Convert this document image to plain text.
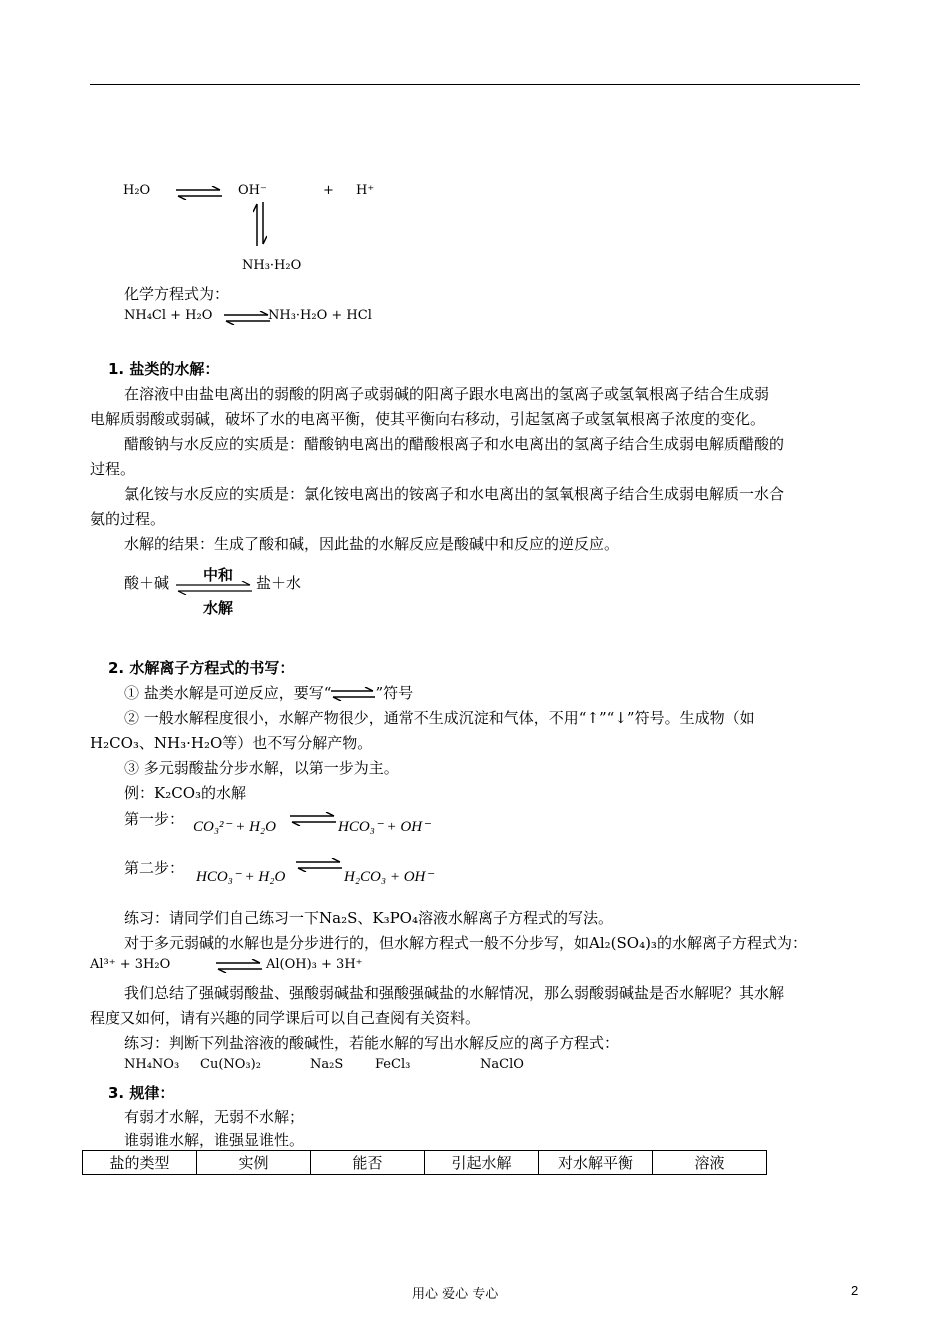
H₂O ⇌ OH⁻	+ H⁺
NH₃·H₂O
化学方程式为：
NH₄Cl + H₂O ⇌
NH₃·H₂O + HCl
1. 盐类的水解：
在溶液中由盐电离出的弱酸的阴离子或弱碱的阳离子跟水电离出的氢离子或氢氧根离子结合生成弱
电解质弱酸或弱碱，破坏了水的电离平衡，使其平衡向右移动，引起氢离子或氢氧根离子浓度的变化。
醋酸钠与水反应的实质是：醋酸钠电离出的醋酸根离子和水电离出的氢离子结合生成弱电解质醋酸的
过程。
氯化铵与水反应的实质是：氯化铵电离出的铵离子和水电离出的氢氧根离子结合生成弱电解质一水合
氨的过程。
水解的结果：生成了酸和碱，因此盐的水解反应是酸碱中和反应的逆反应。
酸＋碱 中和
水解
盐＋水
2. 水解离子方程式的书写：
① 盐类水解是可逆反应，要写“⇌”符号
② 一般水解程度很小，水解产物很少，通常不生成沉淀和气体，不用“↑”“↓”符号。生成物（如
H₂CO₃、NH₃·H₂O等）也不写分解产物。
③ 多元弱酸盐分步水解，以第一步为主。
例：K₂CO₃的水解
第一步： CO₃²⁻ + H₂O ⇌ HCO₃⁻ + OH⁻
第二步： HCO₃⁻ + H₂O	H₂CO₃ + OH⁻
练习：请同学们自己练习一下Na₂S、K₃PO₄溶液水解离子方程式的写法。
对于多元弱碱的水解也是分步进行的，但水解方程式一般不分步写，如Al₂(SO₄)₃的水解离子方程式为：
Al³⁺ + 3H₂O	⇌ Al(OH)₃ + 3H⁺
我们总结了强碱弱酸盐、强酸弱碱盐和强酸强碱盐的水解情况，那么弱酸弱碱盐是否水解呢？其水解
程度又如何，请有兴趣的同学课后可以自己查阅有关资料。
练习：判断下列盐溶液的酸碱性，若能水解的写出水解反应的离子方程式：
NH₄NO₃ Cu(NO₃)₂	Na₂S FeCl₃	NaClO
3. 规律：
有弱才水解，无弱不水解；
谁弱谁水解，谁强显谁性。
盐的类型	实例	能否	引起水解	对水解平衡	溶液
用心 爱心 专心	2
